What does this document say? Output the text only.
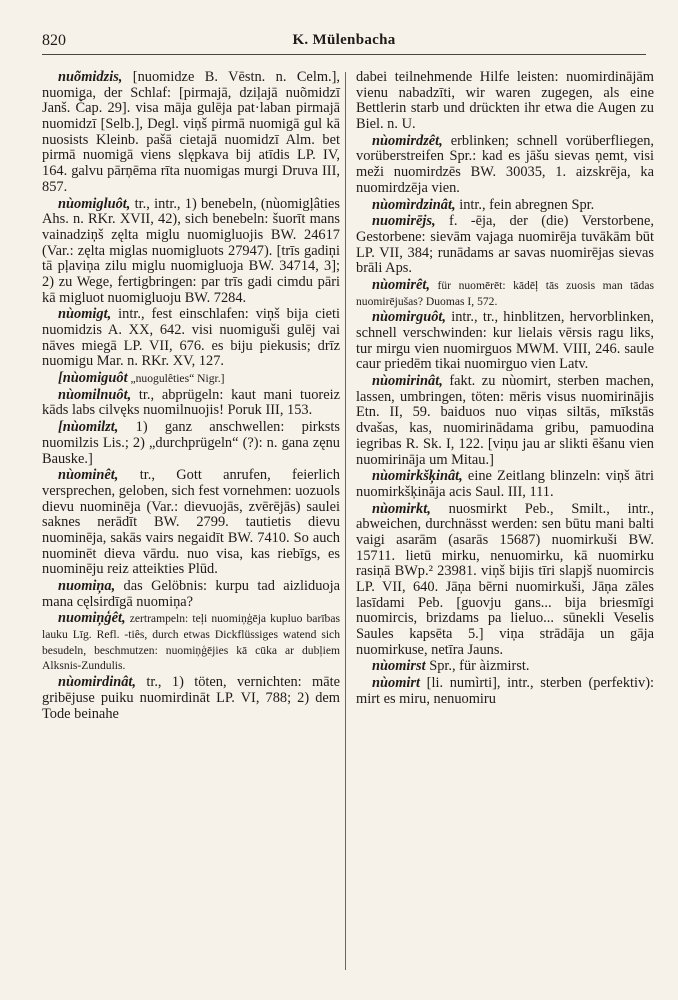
820	K. Mülenbacha

nuõmidzis, [nuomidze B. Vēstn. n. Celm.], nuomiga, der Schlaf: [pirmajā, dziļajā nuõmidzī Janš. Čap. 29]. visa māja gulēja pat·laban pirmajā nuomidzī [Selb.], Degl. viņš pirmā nuomigā gul kā nuosists Kleinb. pašā cietajā nuomidzī Alm. bet pirmā nuomigā viens slępkava bij atīdis LP. IV, 164. galvu pārņēma rīta nuomigas murgi Druva III, 857.

nùomigluôt, tr., intr., 1) benebeln, (nùomigļâties Ahs. n. RKr. XVII, 42), sich benebeln: šuorīt mans vainadziņš zęlta miglu nuomigluojis BW. 24617 (Var.: zęlta miglas nuomigluots 27947). [trīs gadiņi tā pļaviņa zilu miglu nuomigluoja BW. 34714, 3]; 2) zu Wege, fertigbringen: par trīs gadi cimdu pāri kā migluot nuomigluoju BW. 7284.

nùomigt, intr., fest einschlafen: viņš bija cieti nuomidzis A. XX, 642. visi nuomiguši gulēj vai nāves miegā LP. VII, 676. es biju piekusis; drīz nuomigu Mar. n. RKr. XV, 127.

[nùomiguôt „nuogulêties“ Nigr.]

nùomilnuôt, tr., abprügeln: kaut mani tuoreiz kāds labs cilvęks nuomilnuojis! Poruk III, 153.

[nùomilzt, 1) ganz anschwellen: pirksts nuomilzis Lis.; 2) „durchprügeln“ (?): n. gana zęnu Bauske.]

nùominêt, tr., Gott anrufen, feierlich versprechen, geloben, sich fest vornehmen: uozuols dievu nuominēja (Var.: dievuojās, zvērējās) saulei saknes nerādīt BW. 2799. tautietis dievu nuominēja, sakās vairs negaidīt BW. 7410. So auch nuominēt dieva vārdu. nuo visa, kas riebīgs, es nuominēju reiz atteikties Plūd.

nuomiņa, das Gelöbnis: kurpu tad aizliduoja mana cęlsirdīgā nuomiņa?

nuomiņģêt, zertrampeln: teļi nuomiņģēja kupluo barības lauku Līg. Refl. -tiês, durch etwas Dickflüssiges watend sich besudeln, beschmutzen: nuomiņģējies kā cūka ar dubļiem Alksnis-Zundulis.

nùomirdinât, tr., 1) töten, vernichten: māte gribējuse puiku nuomirdināt LP. VI, 788; 2) dem Tode beinahe

dabei teilnehmende Hilfe leisten: nuomirdinājām vienu nabadzīti, wir waren zugegen, als eine Bettlerin starb und drückten ihr etwa die Augen zu Biel. n. U.

nùomirdzêt, erblinken; schnell vorüberfliegen, vorüberstreifen Spr.: kad es jāšu sievas ņemt, visi meži nuomirdzēs BW. 30035, 1. aizskrēja, ka nuomirdzēja vien.

nùomìrdzinât, intr., fein abregnen Spr.

nuomirējs, f. -ēja, der (die) Verstorbene, Gestorbene: sievām vajaga nuomirēja tuvākām būt LP. VII, 384; runādams ar savas nuomirējas sievas brāli Aps.

nùomirêt, für nuomērēt: kādēļ tās zuosis man tādas nuomirējušas? Duomas I, 572.

nùomirguôt, intr., tr., hinblitzen, hervorblinken, schnell verschwinden: kur lielais vērsis ragu liks, tur mirgu vien nuomirguos MWM. VIII, 246. saule caur priedēm tikai nuomirguo vien Latv.

nùomirinât, fakt. zu nùomirt, sterben machen, lassen, umbringen, töten: mēris visus nuomirinājis Etn. II, 59. baiduos nuo viņas siltās, mīkstās dvašas, kas, nuomirinādama gribu, pamuodina iegribas R. Sk. I, 122. [viņu jau ar slikti ēšanu vien nuomirināja um Mitau.]

nùomirkšķinât, eine Zeitlang blinzeln: viņš ātri nuomirkšķināja acis Saul. III, 111.

nùomirkt, nuosmirkt Peb., Smilt., intr., abweichen, durchnässt werden: sen būtu mani balti vaigi asarām (asarās 15687) nuomirkuši BW. 15711. lietū mirku, nenuomirku, kā nuomirku rasiņā BWp.² 23981. viņš bijis tīri slapjš nuomircis LP. VII, 640. Jāņa bērni nuomirkuši, Jāņa zāles lasīdami Peb. [guovju gans... bija briesmīgi nuomircis, brizdams pa lieluo... sūnekli Veselis Saules kapsēta 5.] viņa strādāja un gāja nuomirkuse, netīra Jauns.

nùomirst Spr., für àizmirst.

nùomirt [li. numìrti], intr., sterben (perfektiv): mirt es miru, nenuomiru
